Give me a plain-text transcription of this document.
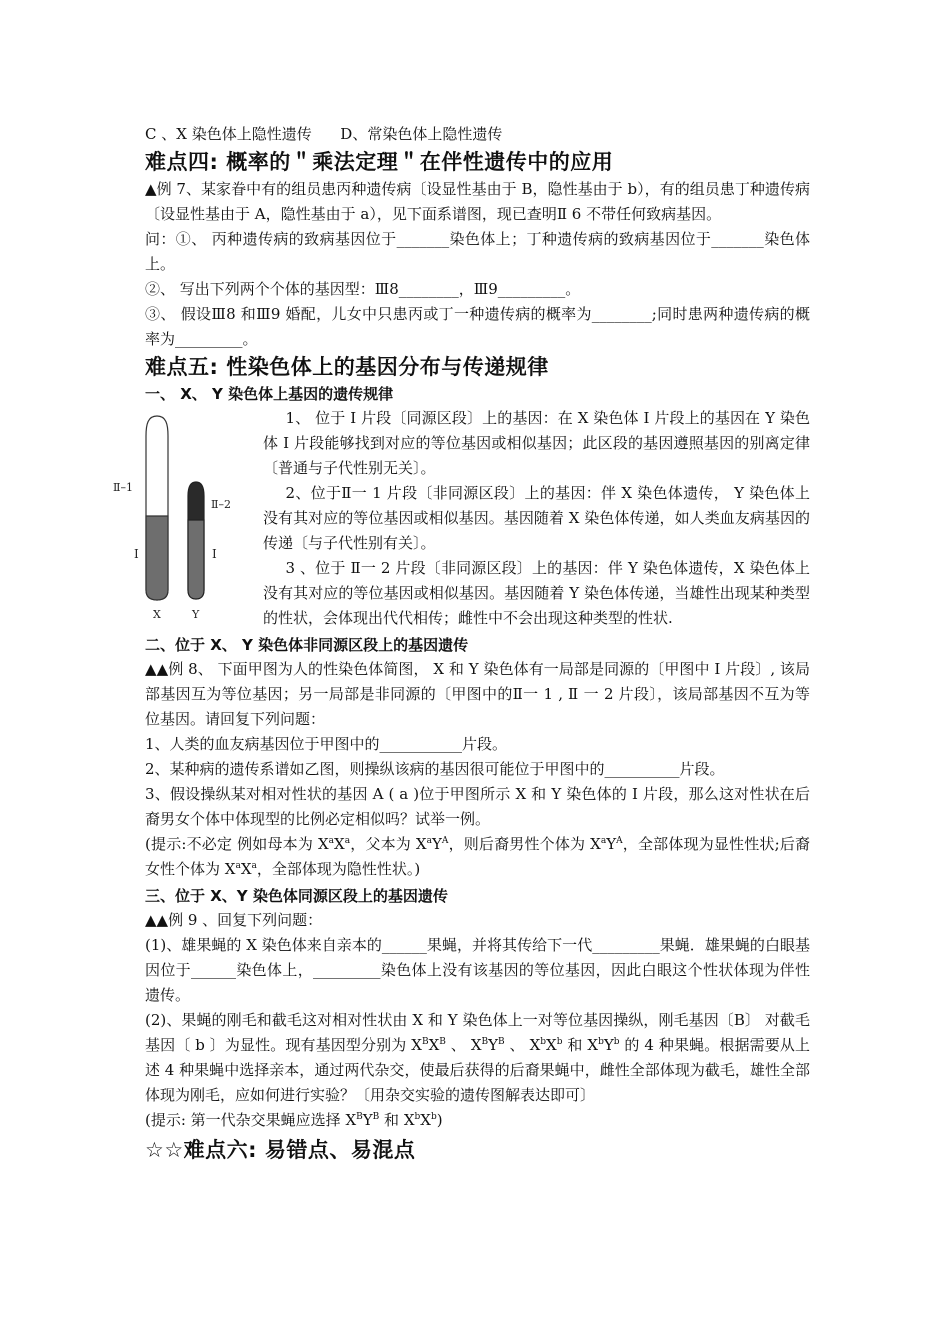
C 、X 染色体上隐性遗传      D、常染色体上隐性遗传

难点四: 概率的＂乘法定理＂在伴性遗传中的应用

▲例 7、某家眷中有的组员患丙种遗传病〔设显性基由于 B，隐性基由于 b），有的组员患丁种遗传病〔设显性基由于 A，隐性基由于 a），见下面系谱图，现已查明Ⅱ 6 不带任何致病基因。

问：①、 丙种遗传病的致病基因位于_______染色体上；丁种遗传病的致病基因位于_______染色体上。

②、 写出下列两个个体的基因型：Ⅲ8________，Ⅲ9_________。

③、 假设Ⅲ8 和Ⅲ9 婚配，儿女中只患丙或丁一种遗传病的概率为________;同时患两种遗传病的概率为_________。

难点五: 性染色体上的基因分布与传递规律

一、 X、 Y 染色体上基因的遗传规律

Ⅱ–1
Ⅱ–2
I	I
X	Y

1、 位于 I 片段〔同源区段〕上的基因：在 X 染色体 I 片段上的基因在 Y 染色体 I 片段能够找到对应的等位基因或相似基因；此区段的基因遵照基因的别离定律〔普通与子代性别无关〕。

2、位于Ⅱ一 1 片段〔非同源区段〕上的基因：伴 X 染色体遗传， Y 染色体上没有其对应的等位基因或相似基因。基因随着 X 染色体传递，如人类血友病基因的传递〔与子代性别有关〕。

3 、位于 Ⅱ一 2 片段〔非同源区段〕上的基因：伴 Y 染色体遗传，X 染色体上没有其对应的等位基因或相似基因。基因随着 Y 染色体传递，当雄性出现某种类型的性状，会体现出代代相传；雌性中不会出现这种类型的性状.

二、位于 X、 Y 染色体非同源区段上的基因遗传

▲▲例 8、 下面甲图为人的性染色体简图， X 和 Y 染色体有一局部是同源的〔甲图中 I 片段〕, 该局部基因互为等位基因；另一局部是非同源的〔甲图中的Ⅱ一 1 , Ⅱ 一 2 片段〕，该局部基因不互为等位基因。请回复下列问题：

1、人类的血友病基因位于甲图中的___________片段。

2、某种病的遗传系谱如乙图，则操纵该病的基因很可能位于甲图中的__________片段。

3、假设操纵某对相对性状的基因 A ( a )位于甲图所示 X 和 Y 染色体的 I 片段，那么这对性状在后裔男女个体中体现型的比例必定相似吗？试举一例。

(提示:不必定 例如母本为 $X^aX^a$，父本为 $X^aY^A$，则后裔男性个体为 $X^aY^A$，全部体现为显性性状;后裔女性个体为 $X^aX^a$，全部体现为隐性性状。)

三、位于 X、Y 染色体同源区段上的基因遗传

▲▲例 9 、回复下列问题：

(1)、雄果蝇的 X 染色体来自亲本的______果蝇，并将其传给下一代_________果蝇．雄果蝇的白眼基因位于______染色体上，_________染色体上没有该基因的等位基因，因此白眼这个性状体现为伴性遗传。

(2)、果蝇的刚毛和截毛这对相对性状由 X 和 Y 染色体上一对等位基因操纵，刚毛基因〔B〕 对截毛基因〔 b 〕为显性。现有基因型分别为 $X^BX^B$ 、 $X^BY^B$ 、 $X^bX^b$ 和 $X^bY^b$ 的 4 种果蝇。根据需要从上述 4 种果蝇中选择亲本，通过两代杂交，使最后获得的后裔果蝇中，雌性全部体现为截毛，雄性全部体现为刚毛，应如何进行实验？〔用杂交实验的遗传图解表达即可〕

(提示: 第一代杂交果蝇应选择 $X^BY^B$ 和 $X^bX^b$)

☆☆难点六: 易错点、易混点
